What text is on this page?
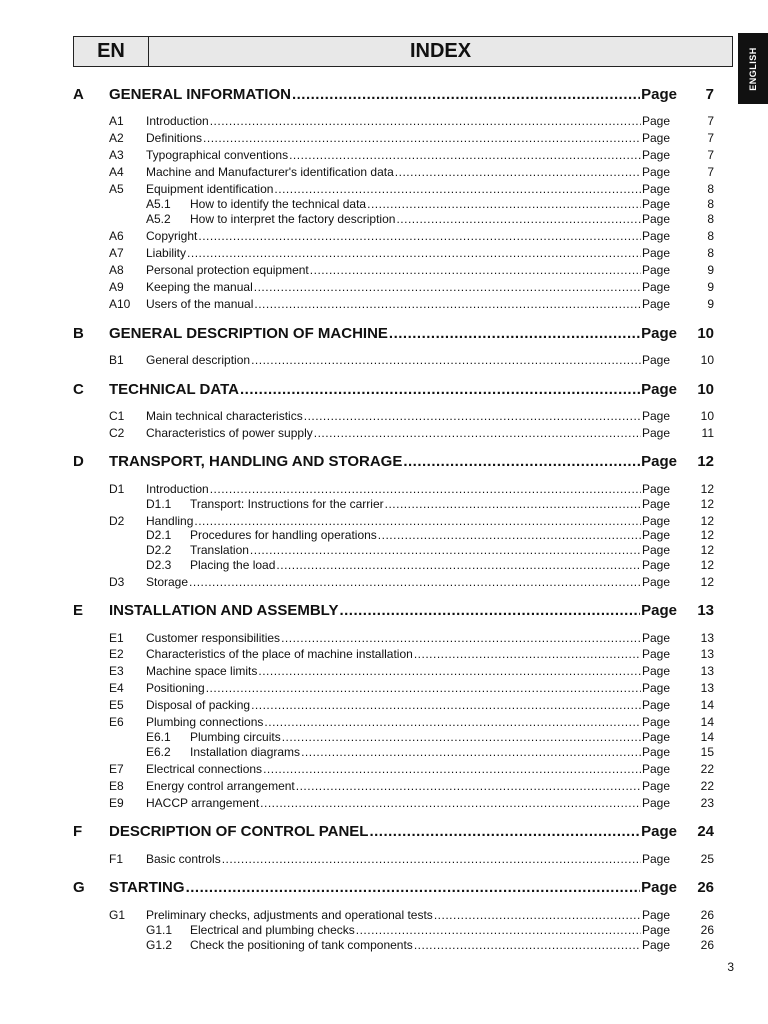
EN	INDEX	ENGLISH
A GENERAL INFORMATION .....	Page	7
A1 Introduction .....	Page	7
A2 Definitions .....	Page	7
A3 Typographical conventions .....	Page	7
A4 Machine and Manufacturer's identification data .....	Page	7
A5 Equipment identification .....	Page	8
A5.1 How to identify the technical data .....	Page	8
A5.2 How to interpret the factory description .....	Page	8
A6 Copyright .....	Page	8
A7 Liability .....	Page	8
A8 Personal protection equipment .....	Page	9
A9 Keeping the manual .....	Page	9
A10 Users of the manual .....	Page	9
B GENERAL DESCRIPTION OF MACHINE .....	Page	10
B1 General description .....	Page	10
C TECHNICAL DATA .....	Page	10
C1 Main technical characteristics .....	Page	10
C2 Characteristics of power supply .....	Page	11
D TRANSPORT, HANDLING AND STORAGE .....	Page	12
D1 Introduction .....	Page	12
D1.1 Transport: Instructions for the carrier .....	Page	12
D2 Handling .....	Page	12
D2.1 Procedures for handling operations .....	Page	12
D2.2 Translation .....	Page	12
D2.3 Placing the load .....	Page	12
D3 Storage .....	Page	12
E INSTALLATION AND ASSEMBLY .....	Page	13
E1 Customer responsibilities .....	Page	13
E2 Characteristics of the place of machine installation .....	Page	13
E3 Machine space limits .....	Page	13
E4 Positioning .....	Page	13
E5 Disposal of packing .....	Page	14
E6 Plumbing connections .....	Page	14
E6.1 Plumbing circuits .....	Page	14
E6.2 Installation diagrams .....	Page	15
E7 Electrical connections .....	Page	22
E8 Energy control arrangement .....	Page	22
E9 HACCP arrangement .....	Page	23
F DESCRIPTION OF CONTROL PANEL .....	Page	24
F1 Basic controls .....	Page	25
G STARTING .....	Page	26
G1 Preliminary checks, adjustments and operational tests .....	Page	26
G1.1 Electrical and plumbing checks .....	Page	26
G1.2 Check the positioning of tank components .....	Page	26
3
